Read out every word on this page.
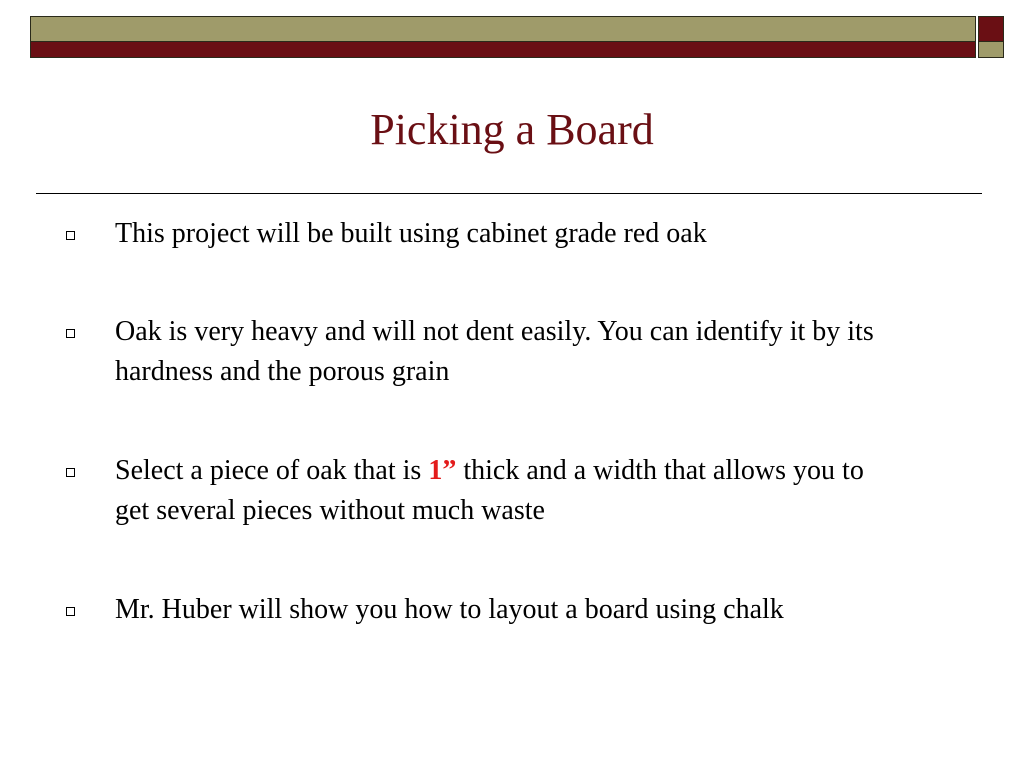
Picking a Board

This project will be built using cabinet grade red oak

Oak is very heavy and will not dent easily. You can identify it by its hardness and the porous grain

Select a piece of oak that is 1” thick and a width that allows you to get several pieces without much waste

Mr. Huber will show you how to layout a board using chalk
